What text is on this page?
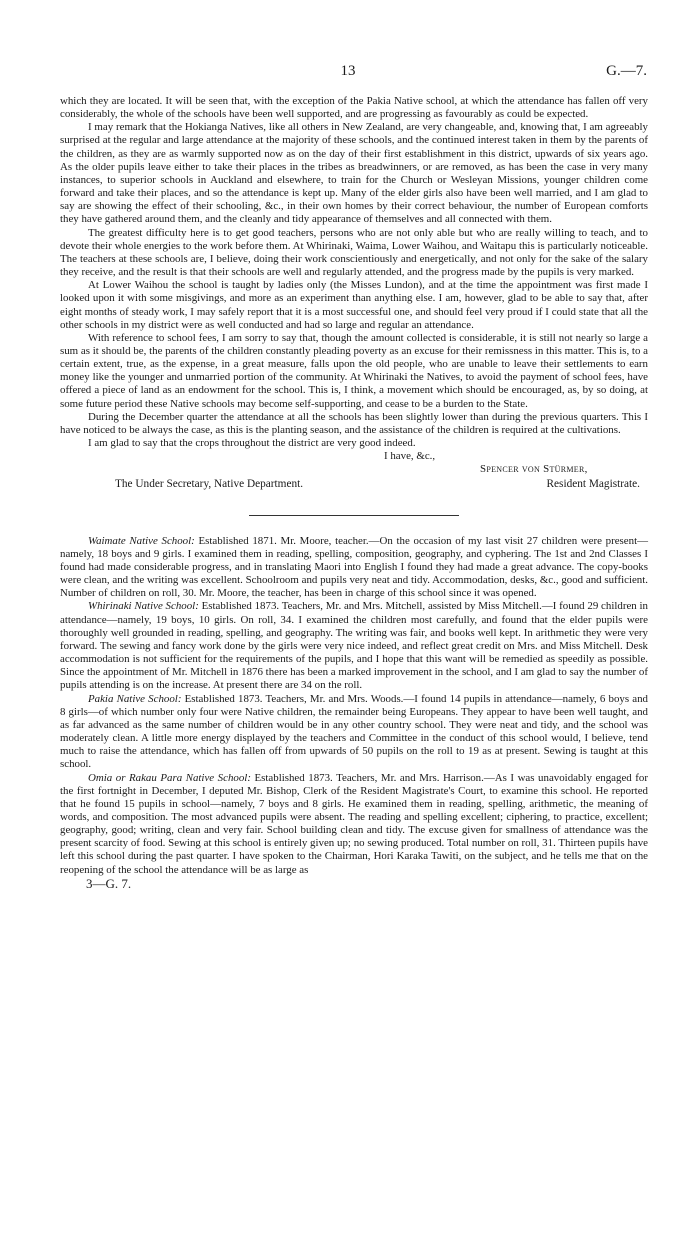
13	G.—7.

which they are located. It will be seen that, with the exception of the Pakia Native school, at which the attendance has fallen off very considerably, the whole of the schools have been well supported, and are progressing as favourably as could be expected.

I may remark that the Hokianga Natives, like all others in New Zealand, are very changeable, and, knowing that, I am agreeably surprised at the regular and large attendance at the majority of these schools, and the continued interest taken in them by the parents of the children, as they are as warmly supported now as on the day of their first establishment in this district, upwards of six years ago. As the older pupils leave either to take their places in the tribes as breadwinners, or are removed, as has been the case in very many instances, to superior schools in Auckland and elsewhere, to train for the Church or Wesleyan Missions, younger children come forward and take their places, and so the attendance is kept up. Many of the elder girls also have been well married, and I am glad to say are showing the effect of their schooling, &c., in their own homes by their correct behaviour, the number of European comforts they have gathered around them, and the cleanly and tidy appearance of themselves and all connected with them.

The greatest difficulty here is to get good teachers, persons who are not only able but who are really willing to teach, and to devote their whole energies to the work before them. At Whirinaki, Waima, Lower Waihou, and Waitapu this is particularly noticeable. The teachers at these schools are, I believe, doing their work conscientiously and energetically, and not only for the sake of the salary they receive, and the result is that their schools are well and regularly attended, and the progress made by the pupils is very marked.

At Lower Waihou the school is taught by ladies only (the Misses Lundon), and at the time the appointment was first made I looked upon it with some misgivings, and more as an experiment than anything else. I am, however, glad to be able to say that, after eight months of steady work, I may safely report that it is a most successful one, and should feel very proud if I could state that all the other schools in my district were as well conducted and had so large and regular an attendance.

With reference to school fees, I am sorry to say that, though the amount collected is considerable, it is still not nearly so large a sum as it should be, the parents of the children constantly pleading poverty as an excuse for their remissness in this matter. This is, to a certain extent, true, as the expense, in a great measure, falls upon the old people, who are unable to leave their settlements to earn money like the younger and unmarried portion of the community. At Whirinaki the Natives, to avoid the payment of school fees, have offered a piece of land as an endowment for the school. This is, I think, a movement which should be encouraged, as, by so doing, at some future period these Native schools may become self-supporting, and cease to be a burden to the State.

During the December quarter the attendance at all the schools has been slightly lower than during the previous quarters. This I have noticed to be always the case, as this is the planting season, and the assistance of the children is required at the cultivations.

I am glad to say that the crops throughout the district are very good indeed.

I have, &c.,

Spencer von Stürmer,

The Under Secretary, Native Department.	Resident Magistrate.

Waimate Native School: Established 1871. Mr. Moore, teacher.—On the occasion of my last visit 27 children were present—namely, 18 boys and 9 girls. I examined them in reading, spelling, composition, geography, and cyphering. The 1st and 2nd Classes I found had made considerable progress, and in translating Maori into English I found they had made a great advance. The copy-books were clean, and the writing was excellent. Schoolroom and pupils very neat and tidy. Accommodation, desks, &c., good and sufficient. Number of children on roll, 30. Mr. Moore, the teacher, has been in charge of this school since it was opened.

Whirinaki Native School: Established 1873. Teachers, Mr. and Mrs. Mitchell, assisted by Miss Mitchell.—I found 29 children in attendance—namely, 19 boys, 10 girls. On roll, 34. I examined the children most carefully, and found that the elder pupils were thoroughly well grounded in reading, spelling, and geography. The writing was fair, and books well kept. In arithmetic they were very forward. The sewing and fancy work done by the girls were very nice indeed, and reflect great credit on Mrs. and Miss Mitchell. Desk accommodation is not sufficient for the requirements of the pupils, and I hope that this want will be remedied as speedily as possible. Since the appointment of Mr. Mitchell in 1876 there has been a marked improvement in the school, and I am glad to say the number of pupils attending is on the increase. At present there are 34 on the roll.

Pakia Native School: Established 1873. Teachers, Mr. and Mrs. Woods.—I found 14 pupils in attendance—namely, 6 boys and 8 girls—of which number only four were Native children, the remainder being Europeans. They appear to have been well taught, and as far advanced as the same number of children would be in any other country school. They were neat and tidy, and the school was moderately clean. A little more energy displayed by the teachers and Committee in the conduct of this school would, I believe, tend much to raise the attendance, which has fallen off from upwards of 50 pupils on the roll to 19 as at present. Sewing is taught at this school.

Omia or Rakau Para Native School: Established 1873. Teachers, Mr. and Mrs. Harrison.—As I was unavoidably engaged for the first fortnight in December, I deputed Mr. Bishop, Clerk of the Resident Magistrate's Court, to examine this school. He reported that he found 15 pupils in school—namely, 7 boys and 8 girls. He examined them in reading, spelling, arithmetic, the meaning of words, and composition. The most advanced pupils were absent. The reading and spelling excellent; ciphering, to practice, excellent; geography, good; writing, clean and very fair. School building clean and tidy. The excuse given for smallness of attendance was the present scarcity of food. Sewing at this school is entirely given up; no sewing produced. Total number on roll, 31. Thirteen pupils have left this school during the past quarter. I have spoken to the Chairman, Hori Karaka Tawiti, on the subject, and he tells me that on the reopening of the school the attendance will be as large as

3—G. 7.
